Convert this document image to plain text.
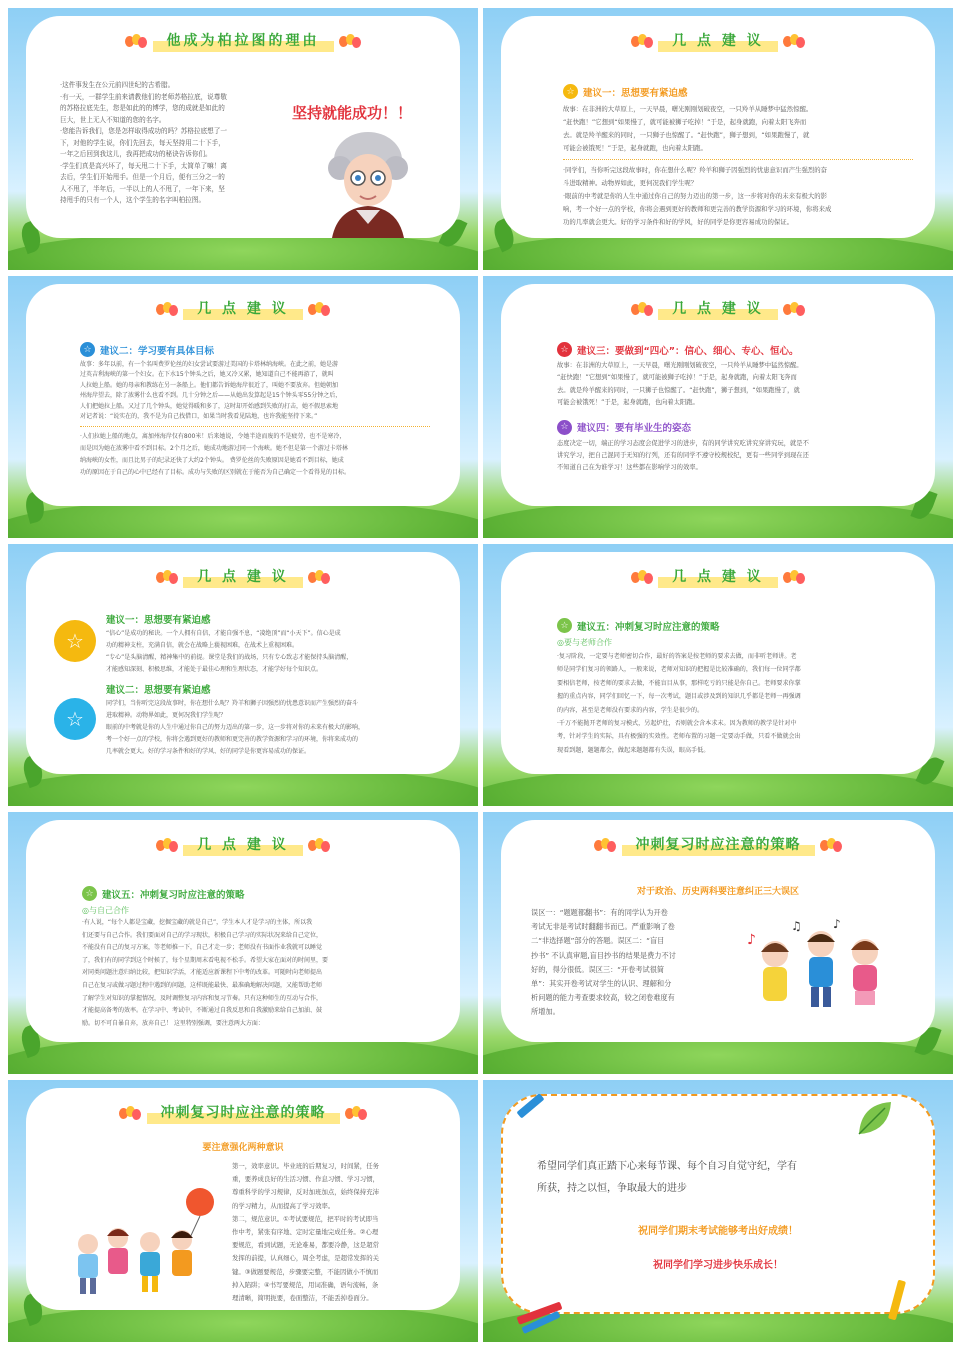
他成为柏拉图的理由
·这件事发生在公元前四世纪的古希腊。
·有一天，一群学生前来请教他们的老师苏格拉底，说尊敬
的苏格拉底先生，您是如此的的博学，您的成就是如此的
巨大，世上无人不知道的您的名字。
·您能告诉我们，您是怎样取得成功的吗？苏格拉底想了一
下，对他的学生说，你们先回去，每天坚持用二十下手，
一年之后回到我这儿，我再把成功的秘诀告诉你们。
·学生们真是高兴坏了，每天甩二十下手，太简单了嘛！离
去后，学生们开始甩手。但是一个月后，便有三分之一的
人不甩了，半年后，一半以上的人不甩了，一年下来，坚
持甩手的只有一个人，这个学生的名字叫柏拉图。
坚持就能成功！！
几 点 建 议
☆ 建议一：思想要有紧迫感
故事：在非洲的大草原上，一天早晨，曙光刚刚划破夜空，一只羚羊从睡梦中猛然惊醒。
“赶快跑！”它想到“如果慢了，就可能被狮子吃掉！”于是，起身就跑，向着太阳飞奔而
去。就是羚羊醒来的同时，一只狮子也惊醒了。“赶快跑”，狮子想到，“如果跑慢了，就
可能会被饿死！”于是，起身就跑，也向着太阳跑。
·同学们，当你听完这段故事时，你在想什么呢？羚羊和狮子因强烈的忧患意识而产生强烈的奋
斗进取精神。动物界如此，更何况我们学生呢？
·眼前的中考就是你的人生中通过你自己的努力迈出的第一步，这一步将对你的未来有极大的影
响，考一个好一点的学校，你将会遇到更好的教师和更完善的教学资源和学习的环境，你将来成
功的几率就会更大。好的学习条件和好的学风，好的同学是你更容易成功的保证。
几 点 建 议
☆ 建议二：学习要有具体目标
故事：多年以前，有一个名叫费罗伦丝的妇女尝试要游过美国的卡塔林纳海峡。在此之前，她是游
过英吉利海峡的第一个妇女。在下水15个钟头之后，她又冷又累，她知道自己不能再游了，就叫
人拉她上船。她的母亲和教练在另一条船上。他们都告诉她海岸很近了，叫她不要放弃。但她朝加
州海岸望去，除了浓雾什么也看不到。几十分钟之后——从她出发算起是15个钟头零55分钟之后，
人们把她拉上船。又过了几个钟头，她觉得暖和多了，这时却开始感到失败的打击，她不假思索地
对记者说：“说实在的，我不是为自己找借口，如果当时我看见陆地，也许我能坚持下来。”
·人们拉她上船的地点，离加州海岸仅有800米！后来她说，令她半途而废的不是疲劳，也不是寒冷，
而是因为她在浓雾中看不到目标。2个月之后，她成功地游过同一个海峡。她不但是第一个游过卡塔林
纳海峡的女性，而且比男子的纪录还快了大约2个钟头。 费罗伦丝的失败原因是她看不到目标，她成
功的原因在于自己的心中已经有了目标。成功与失败的区别就在于能否为自己确定一个看得见的目标。
几 点 建 议
☆ 建议三：要做到“四心”：信心、细心、专心、恒心。
故事：在非洲的大草原上，一天早晨，曙光刚刚划破夜空，一只羚羊从睡梦中猛然惊醒。
“赶快跑！”它想到“如果慢了，就可能被狮子吃掉！”于是，起身就跑，向着太阳飞奔而
去。就是羚羊醒来的同时，一只狮子也惊醒了。“赶快跑”，狮子想到，“如果跑慢了，就
可能会被饿死！”于是，起身就跑，也向着太阳跑。
☆ 建议四：要有毕业生的姿态
态度决定一切，端正的学习态度会促进学习的进步，有的同学讲究吃讲究穿讲究玩，就是不
讲究学习，把自己混同于无知的行列，还有的同学不遵守校规校纪，更有一些同学到现在还
不知道自己在为谁学习！这些都在影响学习的效率。
几 点 建 议
☆
☆
建议一：思想要有紧迫感
“信心”是成功的秘诀。一个人拥有自信，才能自强不息，“凌绝顶”而“小天下”。信心是成
功的精神支柱，充满自信，就会在战略上藐视困难，在战术上重视困难。
“专心”是头脑清醒，精神集中的前提。课堂是我们的战场，只有专心致志才能保持头脑清醒，
才能感知深刻、积极思维，才能处于最佳心理和生理状态，才能学好每个知识点。
建议二：思想要有紧迫感
同学们，当你听完这段故事时，你在想什么呢？羚羊和狮子因强烈的忧患意识而产生强烈的奋斗
进取精神。动物界如此，更何况我们学生呢？
眼前的中考就是你的人生中通过你自己的努力迈出的第一步，这一步将对你的未来有极大的影响，
考一个好一点的学校，你将会遇到更好的教师和更完善的教学资源和学习的环境，你将来成功的
几率就会更大。好的学习条件和好的学风、好的同学是你更容易成功的保证。
几 点 建 议
☆ 建议五：冲刺复习时应注意的策略
◎要与老师合作
·复习阶段，一定要与老师密切合作，最好的答案是按老师的要求去做，而非听老师讲。老
师是同学们复习的领路人，一般来说，老师对知识的把握是比较准确的，我们每一位同学都
要相信老师，按老师的要求去做，不能盲目从事，那样吃亏的只能是你自己。老师要求你掌
握的重点内容，同学们回忆一下，每一次考试，题目或涉及到的知识几乎都是老师一再强调
的内容，甚至是老师没有要求的内容，学生是很少的。
·千万不能抛开老师的复习模式，另起炉灶，否则就会含本求末。因为教师的教学是针对中
考，针对学生的实际，具有极强的实效性。老师布置的习题一定要动手做，只看不做就会出
现看到题，题题都会，做起来题题都有失误，眼高手低。
几 点 建 议
☆ 建议五：冲刺复习时应注意的策略
◎与自己合作
·有人说，“每个人都是宝藏，挖掘宝藏的就是自己”，学生本人才是学习的主体，所以我
们还要与自己合作。我们要面对自己的学习现状，积极自己学习的实际状况来给自己定位，
不能没有自己的复习方案，等老师推一下，自己才走一步；老师没有书面作业我就可以睡觉
了，我们有的同学到这个时候了，每个星期周末看电视不松手。希望大家在面对的时间里，要
对同类问题注意归纳比较，把知识学活，才能适应新课程下中考的改革。可随时向老师提出
自己在复习或做习题过程中遇到的问题，这样既能最快、最准确地解决问题，又能帮助老师
了解学生对知识的掌握情况，及时调整复习内容和复习节奏。只有这种师生的互动与合作，
才能提高备考的效率。在学习中、考试中，不断通过自我反思和自我激励来给自己加油、鼓
励。切不可自暴自弃，放弃自己！ 这里特别强调，要注意两大方面：
冲刺复习时应注意的策略
对于政治、历史两科要注意纠正三大误区
误区一：“题题都翻书”：有的同学认为开卷
考试无非是考试时翻翻书而已。严重影响了卷
二“非选择题”部分的答题。误区二：“盲目
抄书” 不认真审题,盲目抄书的结果是费力不讨
好的，得分很低。误区三：“开卷考试很简
单”：其实开卷考试对学生的认识、理解和分
析问题的能力考查要求较高，较之闭卷难度有
所增加。
♪
♫	♪
冲刺复习时应注意的策略
要注意强化两种意识
第一，效率意识。毕业班的后期复习，时间紧，任务
重，要养成良好的生活习惯、作息习惯、学习习惯，
尊重科学的学习规律，反对加班加点，始终保持充沛
的学习精力，从而提高了学习效率。
第二，规范意识。①考试要规范，把平时的考试即当
作中考，紧张有序地、定时定量地完成任务。②心理
要规范，看到试题，无论难易，都要冷静，这是超常
发挥的前提，认真细心，周全考虑，是超常发挥的关
键。③做题要规范，步骤要完整，不能因做小不慎而
掉入陷阱；④书写要规范，用词准确，语句流畅，条
理清晰，简明扼要，卷面整洁，不能丢掉卷面分。
希望同学们真正踏下心来每节课、每个自习自觉守纪，学有
所获，持之以恒，争取最大的进步
祝同学们期末考试能够考出好成绩！
祝同学们学习进步快乐成长！
